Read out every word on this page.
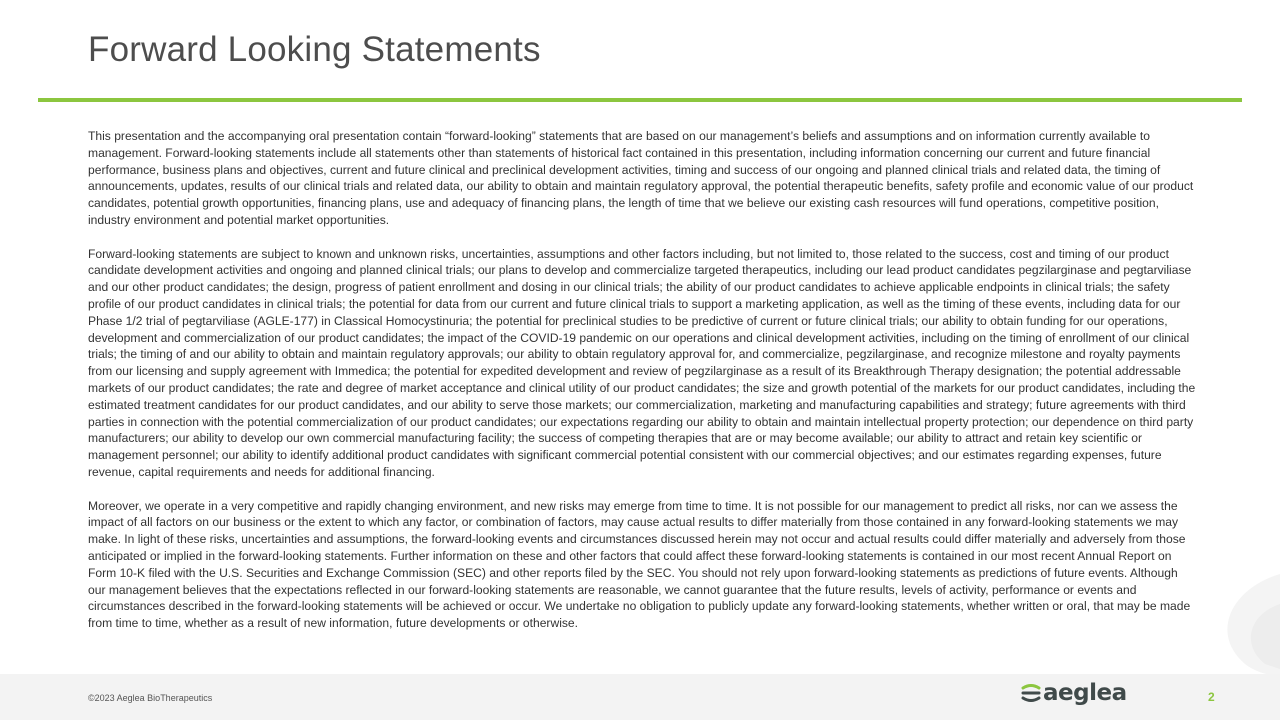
Forward Looking Statements

This presentation and the accompanying oral presentation contain “forward-looking” statements that are based on our management’s beliefs and assumptions and on information currently available to management. Forward-looking statements include all statements other than statements of historical fact contained in this presentation, including information concerning our current and future financial performance, business plans and objectives, current and future clinical and preclinical development activities, timing and success of our ongoing and planned clinical trials and related data, the timing of announcements, updates, results of our clinical trials and related data, our ability to obtain and maintain regulatory approval, the potential therapeutic benefits, safety profile and economic value of our product candidates, potential growth opportunities, financing plans, use and adequacy of financing plans, the length of time that we believe our existing cash resources will fund operations, competitive position, industry environment and potential market opportunities.

Forward-looking statements are subject to known and unknown risks, uncertainties, assumptions and other factors including, but not limited to, those related to the success, cost and timing of our product candidate development activities and ongoing and planned clinical trials; our plans to develop and commercialize targeted therapeutics, including our lead product candidates pegzilarginase and pegtarviliase and our other product candidates; the design, progress of patient enrollment and dosing in our clinical trials; the ability of our product candidates to achieve applicable endpoints in clinical trials; the safety profile of our product candidates in clinical trials; the potential for data from our current and future clinical trials to support a marketing application, as well as the timing of these events, including data for our Phase 1/2 trial of pegtarviliase (AGLE-177) in Classical Homocystinuria; the potential for preclinical studies to be predictive of current or future clinical trials; our ability to obtain funding for our operations, development and commercialization of our product candidates; the impact of the COVID-19 pandemic on our operations and clinical development activities, including on the timing of enrollment of our clinical trials; the timing of and our ability to obtain and maintain regulatory approvals; our ability to obtain regulatory approval for, and commercialize, pegzilarginase, and recognize milestone and royalty payments from our licensing and supply agreement with Immedica; the potential for expedited development and review of pegzilarginase as a result of its Breakthrough Therapy designation; the potential addressable markets of our product candidates; the rate and degree of market acceptance and clinical utility of our product candidates; the size and growth potential of the markets for our product candidates, including the estimated treatment candidates for our product candidates, and our ability to serve those markets; our commercialization, marketing and manufacturing capabilities and strategy; future agreements with third parties in connection with the potential commercialization of our product candidates; our expectations regarding our ability to obtain and maintain intellectual property protection; our dependence on third party manufacturers; our ability to develop our own commercial manufacturing facility; the success of competing therapies that are or may become available; our ability to attract and retain key scientific or management personnel; our ability to identify additional product candidates with significant commercial potential consistent with our commercial objectives; and our estimates regarding expenses, future revenue, capital requirements and needs for additional financing.

Moreover, we operate in a very competitive and rapidly changing environment, and new risks may emerge from time to time. It is not possible for our management to predict all risks, nor can we assess the impact of all factors on our business or the extent to which any factor, or combination of factors, may cause actual results to differ materially from those contained in any forward-looking statements we may make. In light of these risks, uncertainties and assumptions, the forward-looking events and circumstances discussed herein may not occur and actual results could differ materially and adversely from those anticipated or implied in the forward-looking statements. Further information on these and other factors that could affect these forward-looking statements is contained in our most recent Annual Report on Form 10-K filed with the U.S. Securities and Exchange Commission (SEC) and other reports filed by the SEC. You should not rely upon forward-looking statements as predictions of future events. Although our management believes that the expectations reflected in our forward-looking statements are reasonable, we cannot guarantee that the future results, levels of activity, performance or events and circumstances described in the forward-looking statements will be achieved or occur. We undertake no obligation to publicly update any forward-looking statements, whether written or oral, that may be made from time to time, whether as a result of new information, future developments or otherwise.

©2023 Aeglea BioTherapeutics	aeglea	2
